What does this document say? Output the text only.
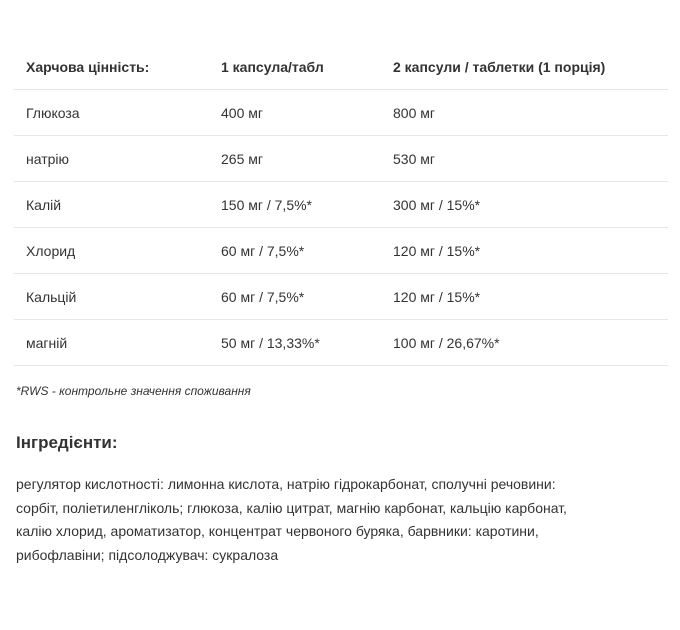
Харчова цінність:	1 капсула/табл	2 капсули / таблетки (1 порція)
Глюкоза	400 мг	800 мг
натрію	265 мг	530 мг
Калій	150 мг / 7,5%*	300 мг / 15%*
Хлорид	60 мг / 7,5%*	120 мг / 15%*
Кальцій	60 мг / 7,5%*	120 мг / 15%*
магній	50 мг / 13,33%*	100 мг / 26,67%*

*RWS - контрольне значення споживання

Інгредієнти:
регулятор кислотності: лимонна кислота, натрію гідрокарбонат, сполучні речовини:
сорбіт, поліетиленгліколь; глюкоза, калію цитрат, магнію карбонат, кальцію карбонат,
калію хлорид, ароматизатор, концентрат червоного буряка, барвники: каротини,
рибофлавіни; підсолоджувач: сукралоза
